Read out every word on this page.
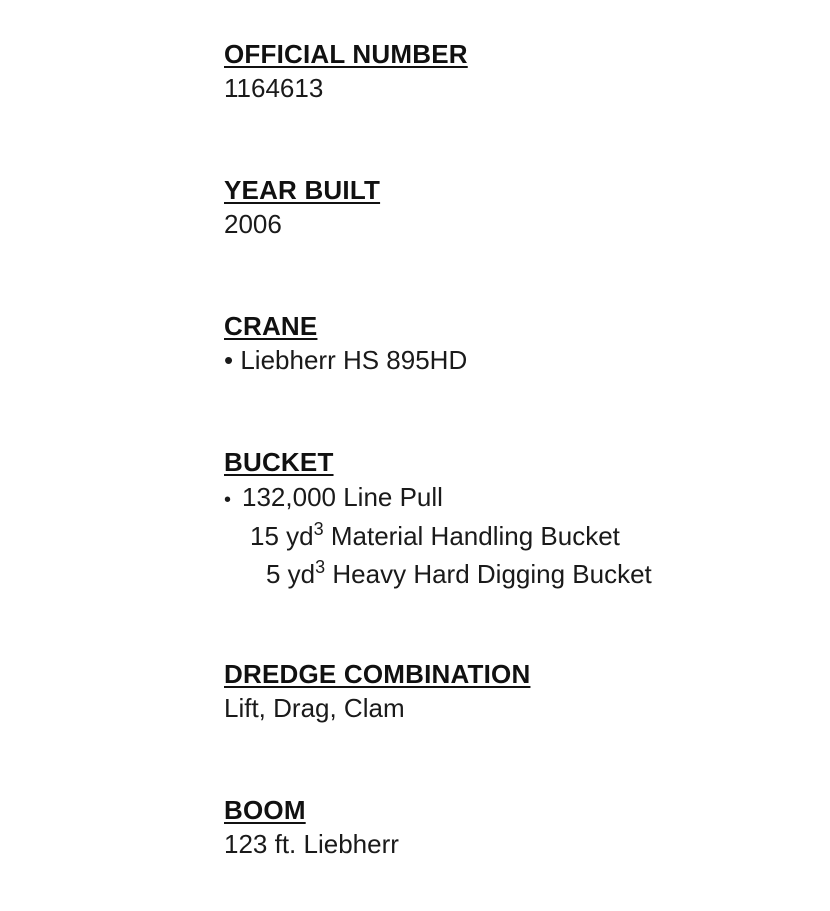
OFFICIAL NUMBER
1164613
YEAR BUILT
2006
CRANE
• Liebherr HS 895HD
BUCKET
• 132,000 Line Pull
15 $yd^3$ Material Handling Bucket
5 $yd^3$ Heavy Hard Digging Bucket
DREDGE COMBINATION
Lift, Drag, Clam
BOOM
123 ft. Liebherr
